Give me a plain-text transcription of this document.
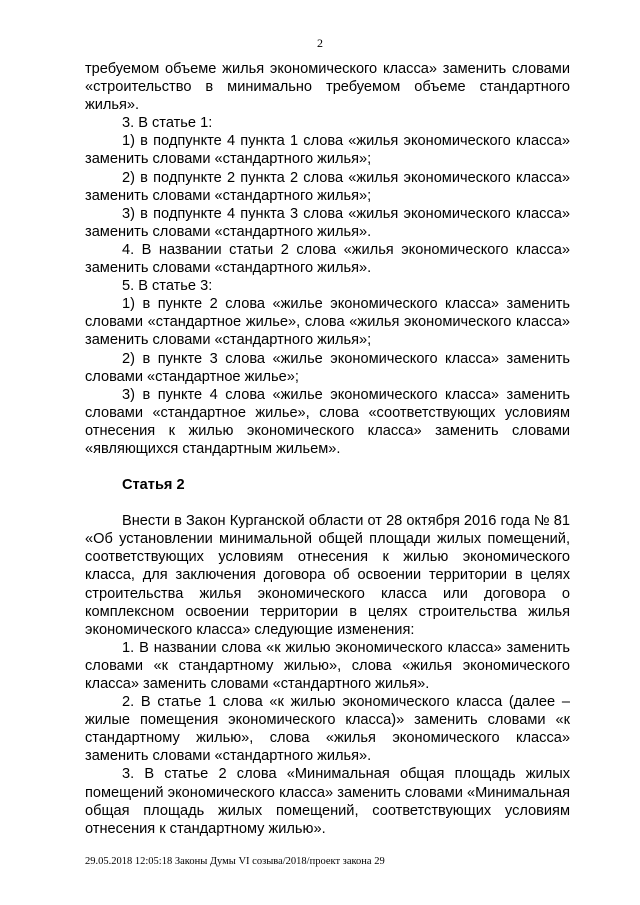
2

требуемом объеме жилья экономического класса» заменить словами «строительство в минимально требуемом объеме стандартного жилья».

3. В статье 1:

1) в подпункте 4 пункта 1 слова «жилья экономического класса» заменить словами «стандартного жилья»;

2) в подпункте 2 пункта 2 слова «жилья экономического класса» заменить словами «стандартного жилья»;

3) в подпункте 4 пункта 3 слова «жилья экономического класса» заменить словами «стандартного жилья».

4. В названии статьи 2 слова «жилья экономического класса» заменить словами «стандартного жилья».

5. В статье 3:

1) в пункте 2 слова «жилье экономического класса» заменить словами «стандартное жилье», слова «жилья экономического класса» заменить словами «стандартного жилья»;

2) в пункте 3 слова «жилье экономического класса» заменить словами «стандартное жилье»;

3) в пункте 4 слова «жилье экономического класса» заменить словами «стандартное жилье», слова «соответствующих условиям отнесения к жилью экономического класса» заменить словами «являющихся стандартным жильем».

Статья 2

Внести в Закон Курганской области от 28 октября 2016 года № 81 «Об установлении минимальной общей площади жилых помещений, соответствующих условиям отнесения к жилью экономического класса, для заключения договора об освоении территории в целях строительства жилья экономического класса или договора о комплексном освоении территории в целях строительства жилья экономического класса» следующие изменения:

1. В названии слова «к жилью экономического класса» заменить словами «к стандартному жилью», слова «жилья экономического класса» заменить словами «стандартного жилья».

2. В статье 1 слова «к жилью экономического класса (далее – жилые помещения экономического класса)» заменить словами «к стандартному жилью», слова «жилья экономического класса» заменить словами «стандартного жилья».

3. В статье 2 слова «Минимальная общая площадь жилых помещений экономического класса» заменить словами «Минимальная общая площадь жилых помещений, соответствующих условиям отнесения к стандартному жилью».

29.05.2018 12:05:18 Законы Думы VI созыва/2018/проект закона 29
